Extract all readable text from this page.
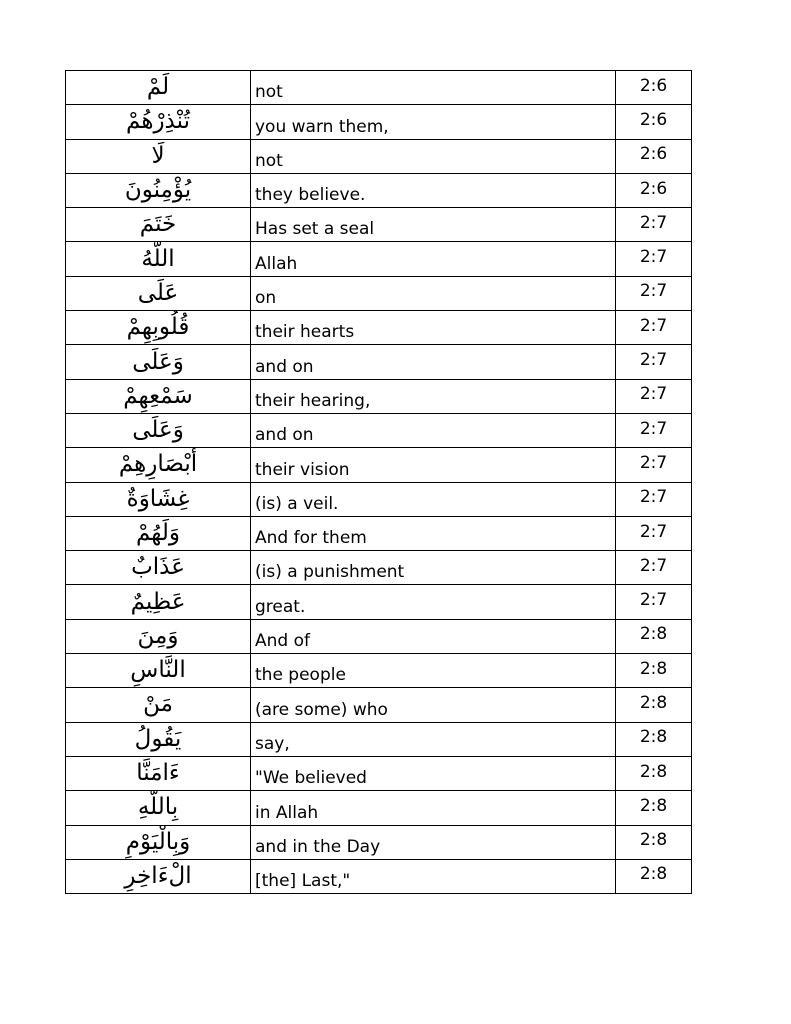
لَمْ	not	2:6
تُنْذِرْهُمْ	you warn them,	2:6
لَا	not	2:6
يُؤْمِنُونَ	they believe.	2:6
خَتَمَ	Has set a seal	2:7
اللَّهُ	Allah	2:7
عَلَى	on	2:7
قُلُوبِهِمْ	their hearts	2:7
وَعَلَى	and on	2:7
سَمْعِهِمْ	their hearing,	2:7
وَعَلَى	and on	2:7
أَبْصَارِهِمْ	their vision	2:7
غِشَاوَةٌ	(is) a veil.	2:7
وَلَهُمْ	And for them	2:7
عَذَابٌ	(is) a punishment	2:7
عَظِيمٌ	great.	2:7
وَمِنَ	And of	2:8
النَّاسِ	the people	2:8
مَنْ	(are some) who	2:8
يَقُولُ	say,	2:8
ءَامَنَّا	"We believed	2:8
بِاللَّهِ	in Allah	2:8
وَبِالْيَوْمِ	and in the Day	2:8
الْءَاخِرِ	[the] Last,"	2:8
